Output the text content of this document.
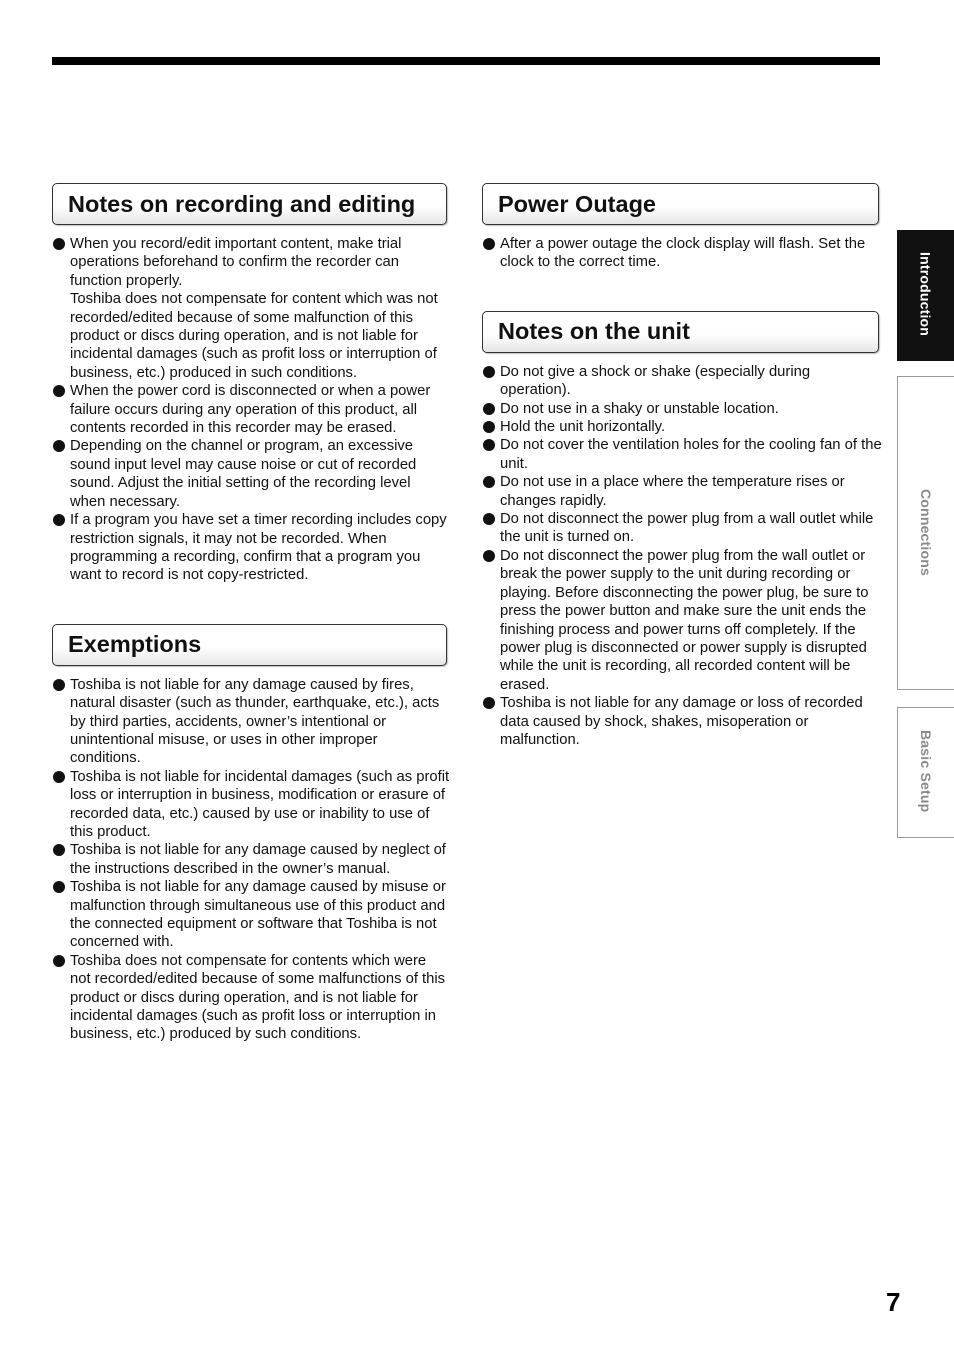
Notes on recording and editing
When you record/edit important content, make trial operations beforehand to confirm the recorder can function properly.
Toshiba does not compensate for content which was not recorded/edited because of some malfunction of this product or discs during operation, and is not liable for incidental damages (such as profit loss or interruption of business, etc.) produced in such conditions.
When the power cord is disconnected or when a power failure occurs during any operation of this product, all contents recorded in this recorder may be erased.
Depending on the channel or program, an excessive sound input level may cause noise or cut of recorded sound. Adjust the initial setting of the recording level when necessary.
If a program you have set a timer recording includes copy restriction signals, it may not be recorded. When programming a recording, confirm that a program you want to record is not copy-restricted.
Exemptions
Toshiba is not liable for any damage caused by fires, natural disaster (such as thunder, earthquake, etc.), acts by third parties, accidents, owner’s intentional or unintentional misuse, or uses in other improper conditions.
Toshiba is not liable for incidental damages (such as profit loss or interruption in business, modification or erasure of recorded data, etc.) caused by use or inability to use of this product.
Toshiba is not liable for any damage caused by neglect of the instructions described in the owner’s manual.
Toshiba is not liable for any damage caused by misuse or malfunction through simultaneous use of this product and the connected equipment or software that Toshiba is not concerned with.
Toshiba does not compensate for contents which were not recorded/edited because of some malfunctions of this product or discs during operation, and is not liable for incidental damages (such as profit loss or interruption in business, etc.) produced by such conditions.
Power Outage
After a power outage the clock display will flash. Set the clock to the correct time.
Notes on the unit
Do not give a shock or shake (especially during operation).
Do not use in a shaky or unstable location.
Hold the unit horizontally.
Do not cover the ventilation holes for the cooling fan of the unit.
Do not use in a place where the temperature rises or changes rapidly.
Do not disconnect the power plug from a wall outlet while the unit is turned on.
Do not disconnect the power plug from the wall outlet or break the power supply to the unit during recording or playing. Before disconnecting the power plug, be sure to press the power button and make sure the unit ends the finishing process and power turns off completely. If the power plug is disconnected or power supply is disrupted while the unit is recording, all recorded content will be erased.
Toshiba is not liable for any damage or loss of recorded data caused by shock, shakes, misoperation or malfunction.
Introduction
Connections
Basic Setup
7
